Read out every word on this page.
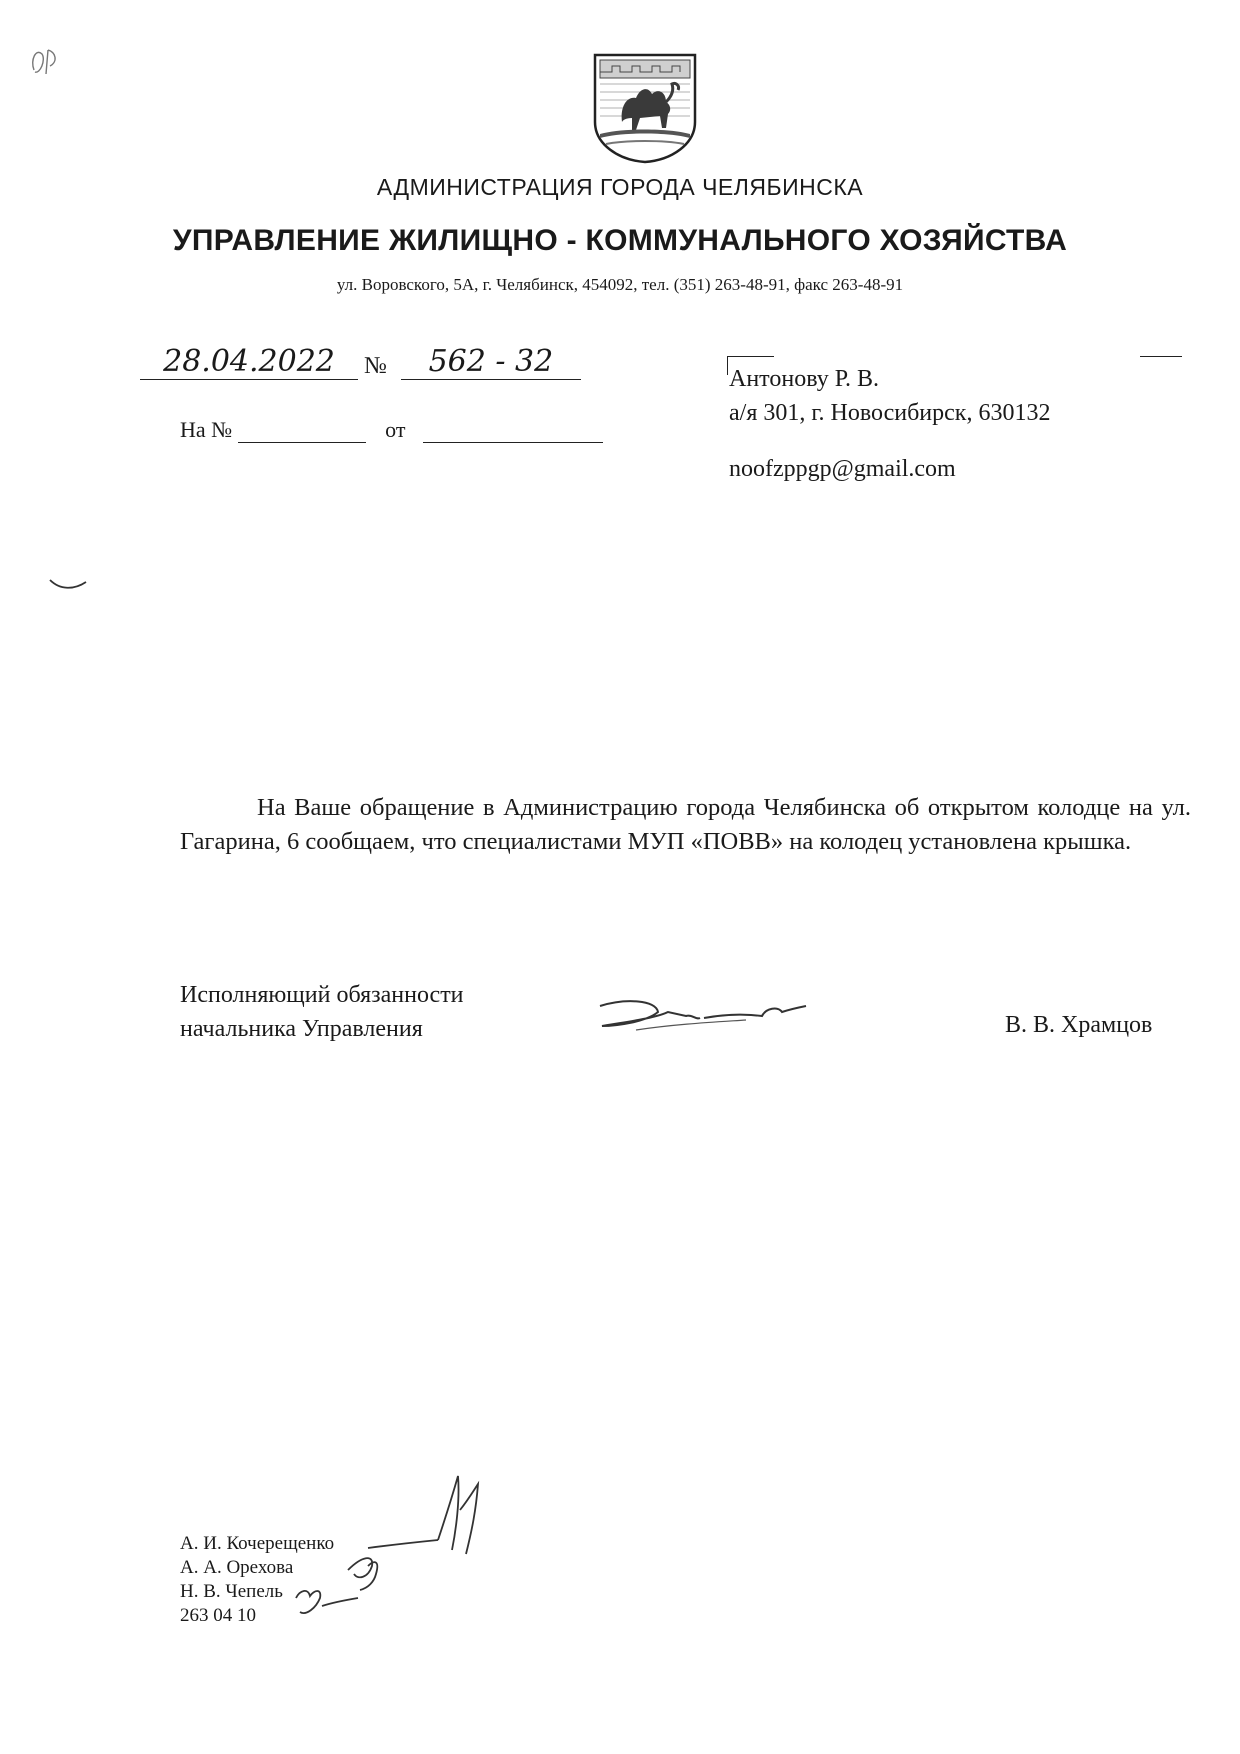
АДМИНИСТРАЦИЯ ГОРОДА ЧЕЛЯБИНСКА
УПРАВЛЕНИЕ ЖИЛИЩНО - КОММУНАЛЬНОГО ХОЗЯЙСТВА
ул. Воровского, 5А, г. Челябинск, 454092, тел. (351) 263-48-91, факс 263-48-91
28.04.2022 № 562 - 32
На №	от
Антонову Р. В.
а/я 301, г. Новосибирск, 630132
noofzppgp@gmail.com
На Ваше обращение в Администрацию города Челябинска об открытом колодце на ул. Гагарина, 6 сообщаем, что специалистами МУП «ПОВВ» на колодец установлена крышка.
Исполняющий обязанности
начальника Управления	В. В. Храмцов
А. И. Кочерещенко
А. А. Орехова
Н. В. Чепель
263 04 10
